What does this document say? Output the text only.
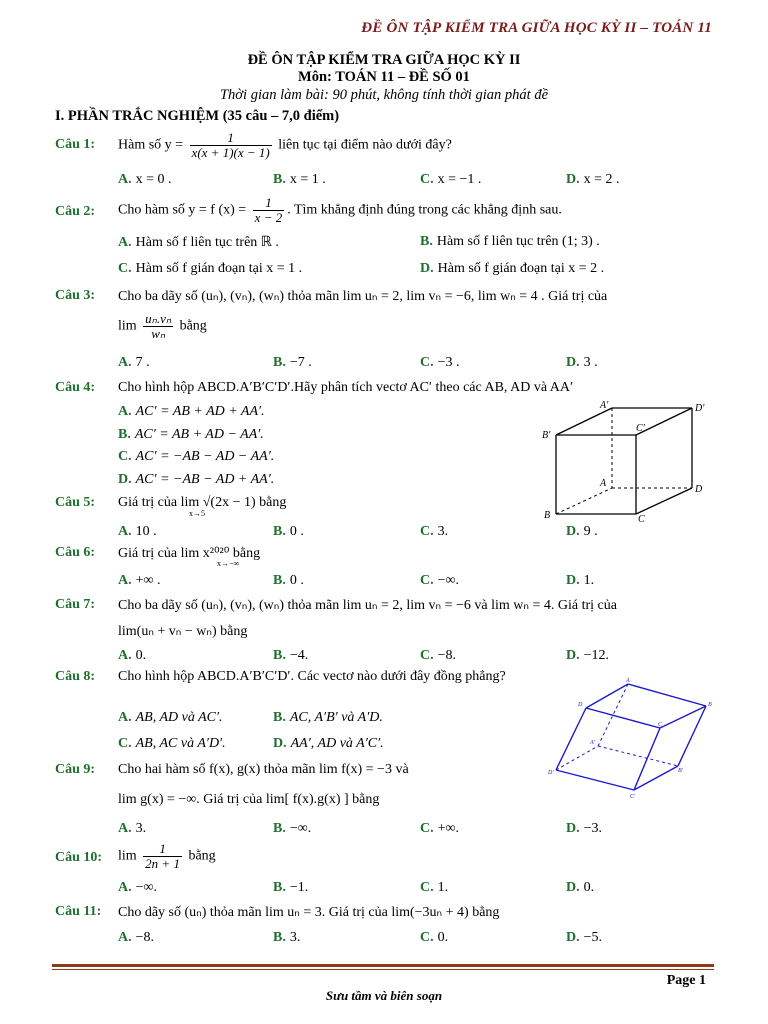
ĐỀ ÔN TẬP KIỂM TRA GIỮA HỌC KỲ II – TOÁN 11
ĐỀ ÔN TẬP KIỂM TRA GIỮA HỌC KỲ II
Môn: TOÁN 11 – ĐỀ SỐ 01
Thời gian làm bài: 90 phút, không tính thời gian phát đề
I. PHẦN TRẮC NGHIỆM (35 câu – 7,0 điểm)
Câu 1: Hàm số $y = \frac{1}{x(x + 1)(x - 1)}$ liên tục tại điểm nào dưới đây?
A. x = 0 .	B. x = 1 .	C. x = −1 .	D. x = 2 .
Câu 2: Cho hàm số y = f $(x) = \frac{1}{x - 2}$ . Tìm khẳng định đúng trong các khẳng định sau.
A. Hàm số f liên tục trên ℝ .	B. Hàm số f liên tục trên (1; 3) .
C. Hàm số f gián đoạn tại x = 1 .	D. Hàm số f gián đoạn tại x = 2 .
Câu 3: Cho ba dãy số (uₙ), (vₙ), (wₙ) thỏa mãn lim uₙ = 2, lim vₙ = −6, lim wₙ = 4 . Giá trị của
$\lim \frac{\text{uₙ.vₙ}}{\text{wₙ}}$ bằng
A. 7 .	B. −7 .	C. −3 .	D. 3 .
Câu 4: Cho hình hộp ABCD.A′B′C′D′.Hãy phân tích vectơ AC′ theo các AB, AD và AA′
A. AC′ = AB + AD + AA′.
B. AC′ = AB + AD − AA′.
C. AC′ = −AB − AD − AA′.
D. AC′ = −AB − AD + AA′.
A′	D′
B′
C′
A
D
B	C
Câu 5: Giá trị của lim √(2x − 1) bằng
x→5
A. 10 .	B. 0 .	C. 3.	D. 9 .
Câu 6: Giá trị của lim x²⁰²⁰ bằng
x→−∞
A. +∞ .	B. 0 .	C. −∞.	D. 1.
Câu 7: Cho ba dãy số (uₙ), (vₙ), (wₙ) thỏa mãn lim uₙ = 2, lim vₙ = −6 và lim wₙ = 4. Giá trị của
lim(uₙ + vₙ − wₙ) bằng
A. 0.	B. −4.	C. −8.	D. −12.
Câu 8: Cho hình hộp ABCD.A′B′C′D′. Các vectơ nào dưới đây đồng phẳng?
A. AB, AD và AC′.	B. AC, A′B′ và A′D.
C. AB, AC và A′D′.	D. AA′, AD và A′C′.
A
B
C
D
A′
B′
C′
D′
Câu 9: Cho hai hàm số f(x), g(x) thỏa mãn lim f(x) = −3 và
lim g(x) = −∞. Giá trị của lim[ f(x).g(x) ] bằng
A. 3.	B. −∞.	C. +∞.	D. −3.
Câu 10: $\lim \frac{1}{2n + 1}$ bằng
A. −∞.	B. −1.	C. 1.	D. 0.
Câu 11: Cho dãy số (uₙ) thỏa mãn lim uₙ = 3. Giá trị của lim(−3uₙ + 4) bằng
A. −8.	B. 3.	C. 0.	D. −5.
Page 1
Sưu tầm và biên soạn
